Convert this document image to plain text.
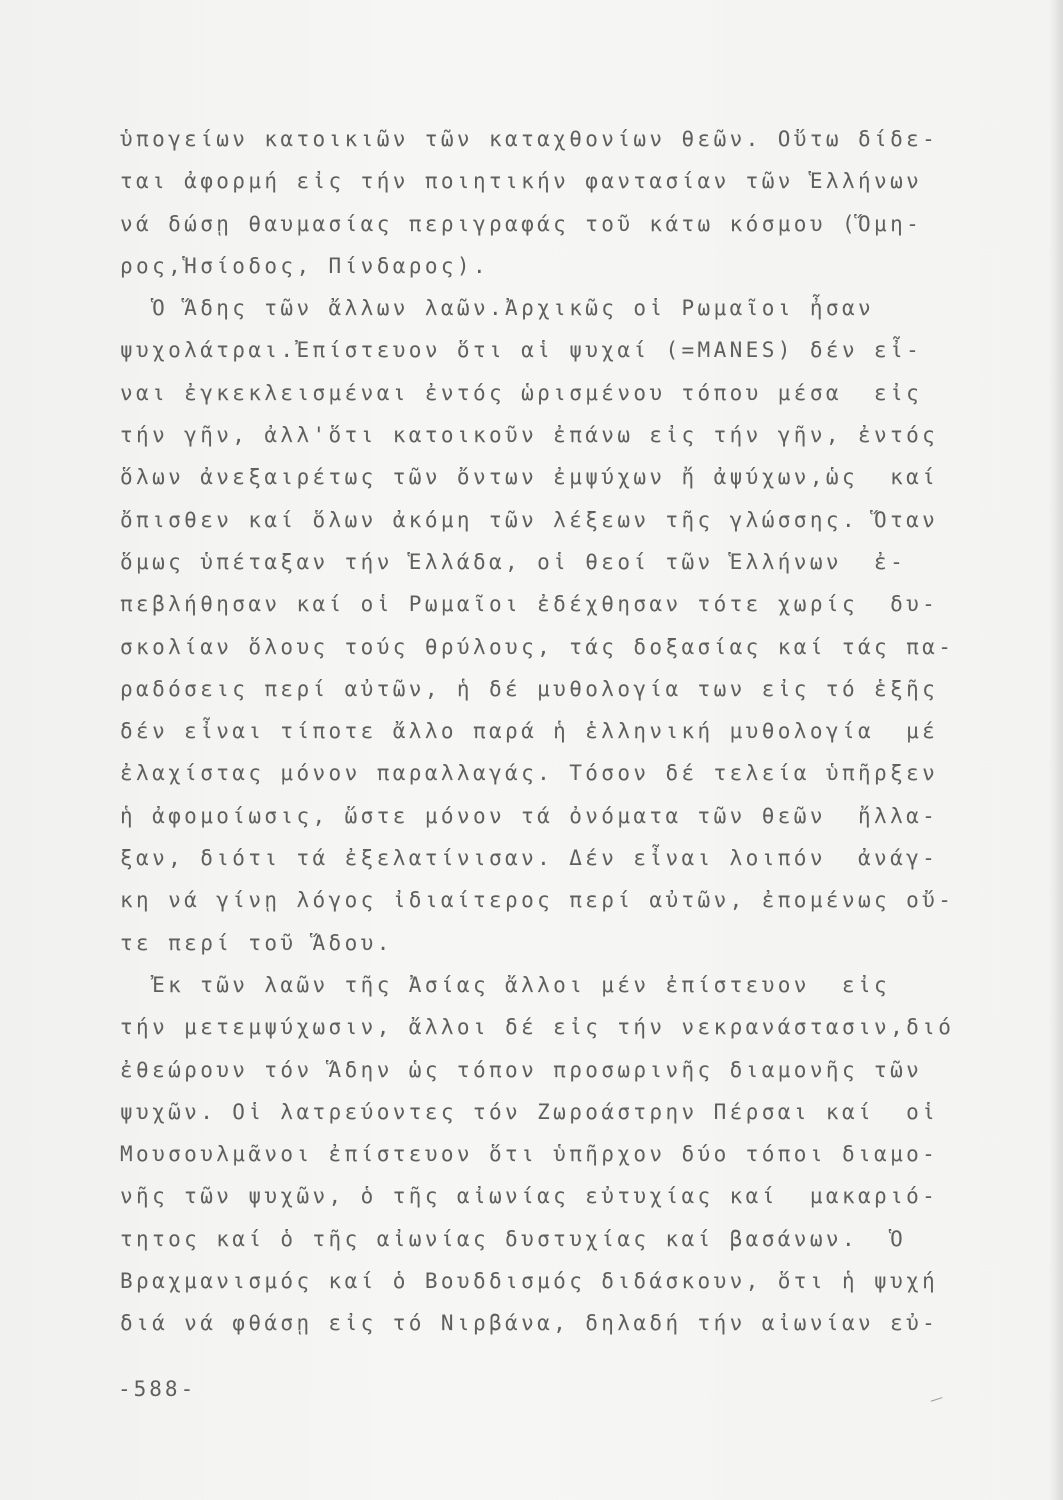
ὑπογείων κατοικιῶν τῶν καταχθονίων θεῶν. Οὕτω δίδε-
ται ἀφορμή εἰς τήν ποιητικήν φαντασίαν τῶν Ἑλλήνων
νά δώσῃ θαυμασίας περιγραφάς τοῦ κάτω κόσμου (Ὅμη-
ρος,Ἡσίοδος, Πίνδαρος).
Ὁ Ἅδης τῶν ἄλλων λαῶν.Ἀρχικῶς οἱ Ρωμαῖοι ἦσαν
ψυχολάτραι.Ἐπίστευον ὅτι αἱ ψυχαί (=MANES) δέν εἶ-
ναι ἐγκεκλεισμέναι ἐντός ὡρισμένου τόπου μέσα  εἰς
τήν γῆν, ἀλλ'ὅτι κατοικοῦν ἐπάνω εἰς τήν γῆν, ἐντός
ὅλων ἀνεξαιρέτως τῶν ὄντων ἐμψύχων ἤ ἀψύχων,ὡς  καί
ὄπισθεν καί ὅλων ἀκόμη τῶν λέξεων τῆς γλώσσης. Ὅταν
ὅμως ὑπέταξαν τήν Ἑλλάδα, οἱ θεοί τῶν Ἑλλήνων  ἐ-
πεβλήθησαν καί οἱ Ρωμαῖοι ἐδέχθησαν τότε χωρίς  δυ-
σκολίαν ὅλους τούς θρύλους, τάς δοξασίας καί τάς πα-
ραδόσεις περί αὐτῶν, ἡ δέ μυθολογία των εἰς τό ἑξῆς
δέν εἶναι τίποτε ἄλλο παρά ἡ ἑλληνική μυθολογία  μέ
ἐλαχίστας μόνον παραλλαγάς. Τόσον δέ τελεία ὑπῆρξεν
ἡ ἀφομοίωσις, ὥστε μόνον τά ὀνόματα τῶν θεῶν  ἤλλα-
ξαν, διότι τά ἐξελατίνισαν. Δέν εἶναι λοιπόν  ἀνάγ-
κη νά γίνῃ λόγος ἰδιαίτερος περί αὐτῶν, ἐπομένως οὔ-
τε περί τοῦ Ἅδου.
Ἐκ τῶν λαῶν τῆς Ἀσίας ἄλλοι μέν ἐπίστευον  εἰς
τήν μετεμψύχωσιν, ἄλλοι δέ εἰς τήν νεκρανάστασιν,διό
ἐθεώρουν τόν Ἅδην ὡς τόπον προσωρινῆς διαμονῆς τῶν
ψυχῶν. Οἱ λατρεύοντες τόν Ζωροάστρην Πέρσαι καί  οἱ
Μουσουλμᾶνοι ἐπίστευον ὅτι ὑπῆρχον δύο τόποι διαμο-
νῆς τῶν ψυχῶν, ὁ τῆς αἰωνίας εὐτυχίας καί  μακαριό-
τητος καί ὁ τῆς αἰωνίας δυστυχίας καί βασάνων.  Ὁ
Βραχμανισμός καί ὁ Βουδδισμός διδάσκουν, ὅτι ἡ ψυχή
διά νά φθάσῃ εἰς τό Νιρβάνα, δηλαδή τήν αἰωνίαν εὐ-
-588-
